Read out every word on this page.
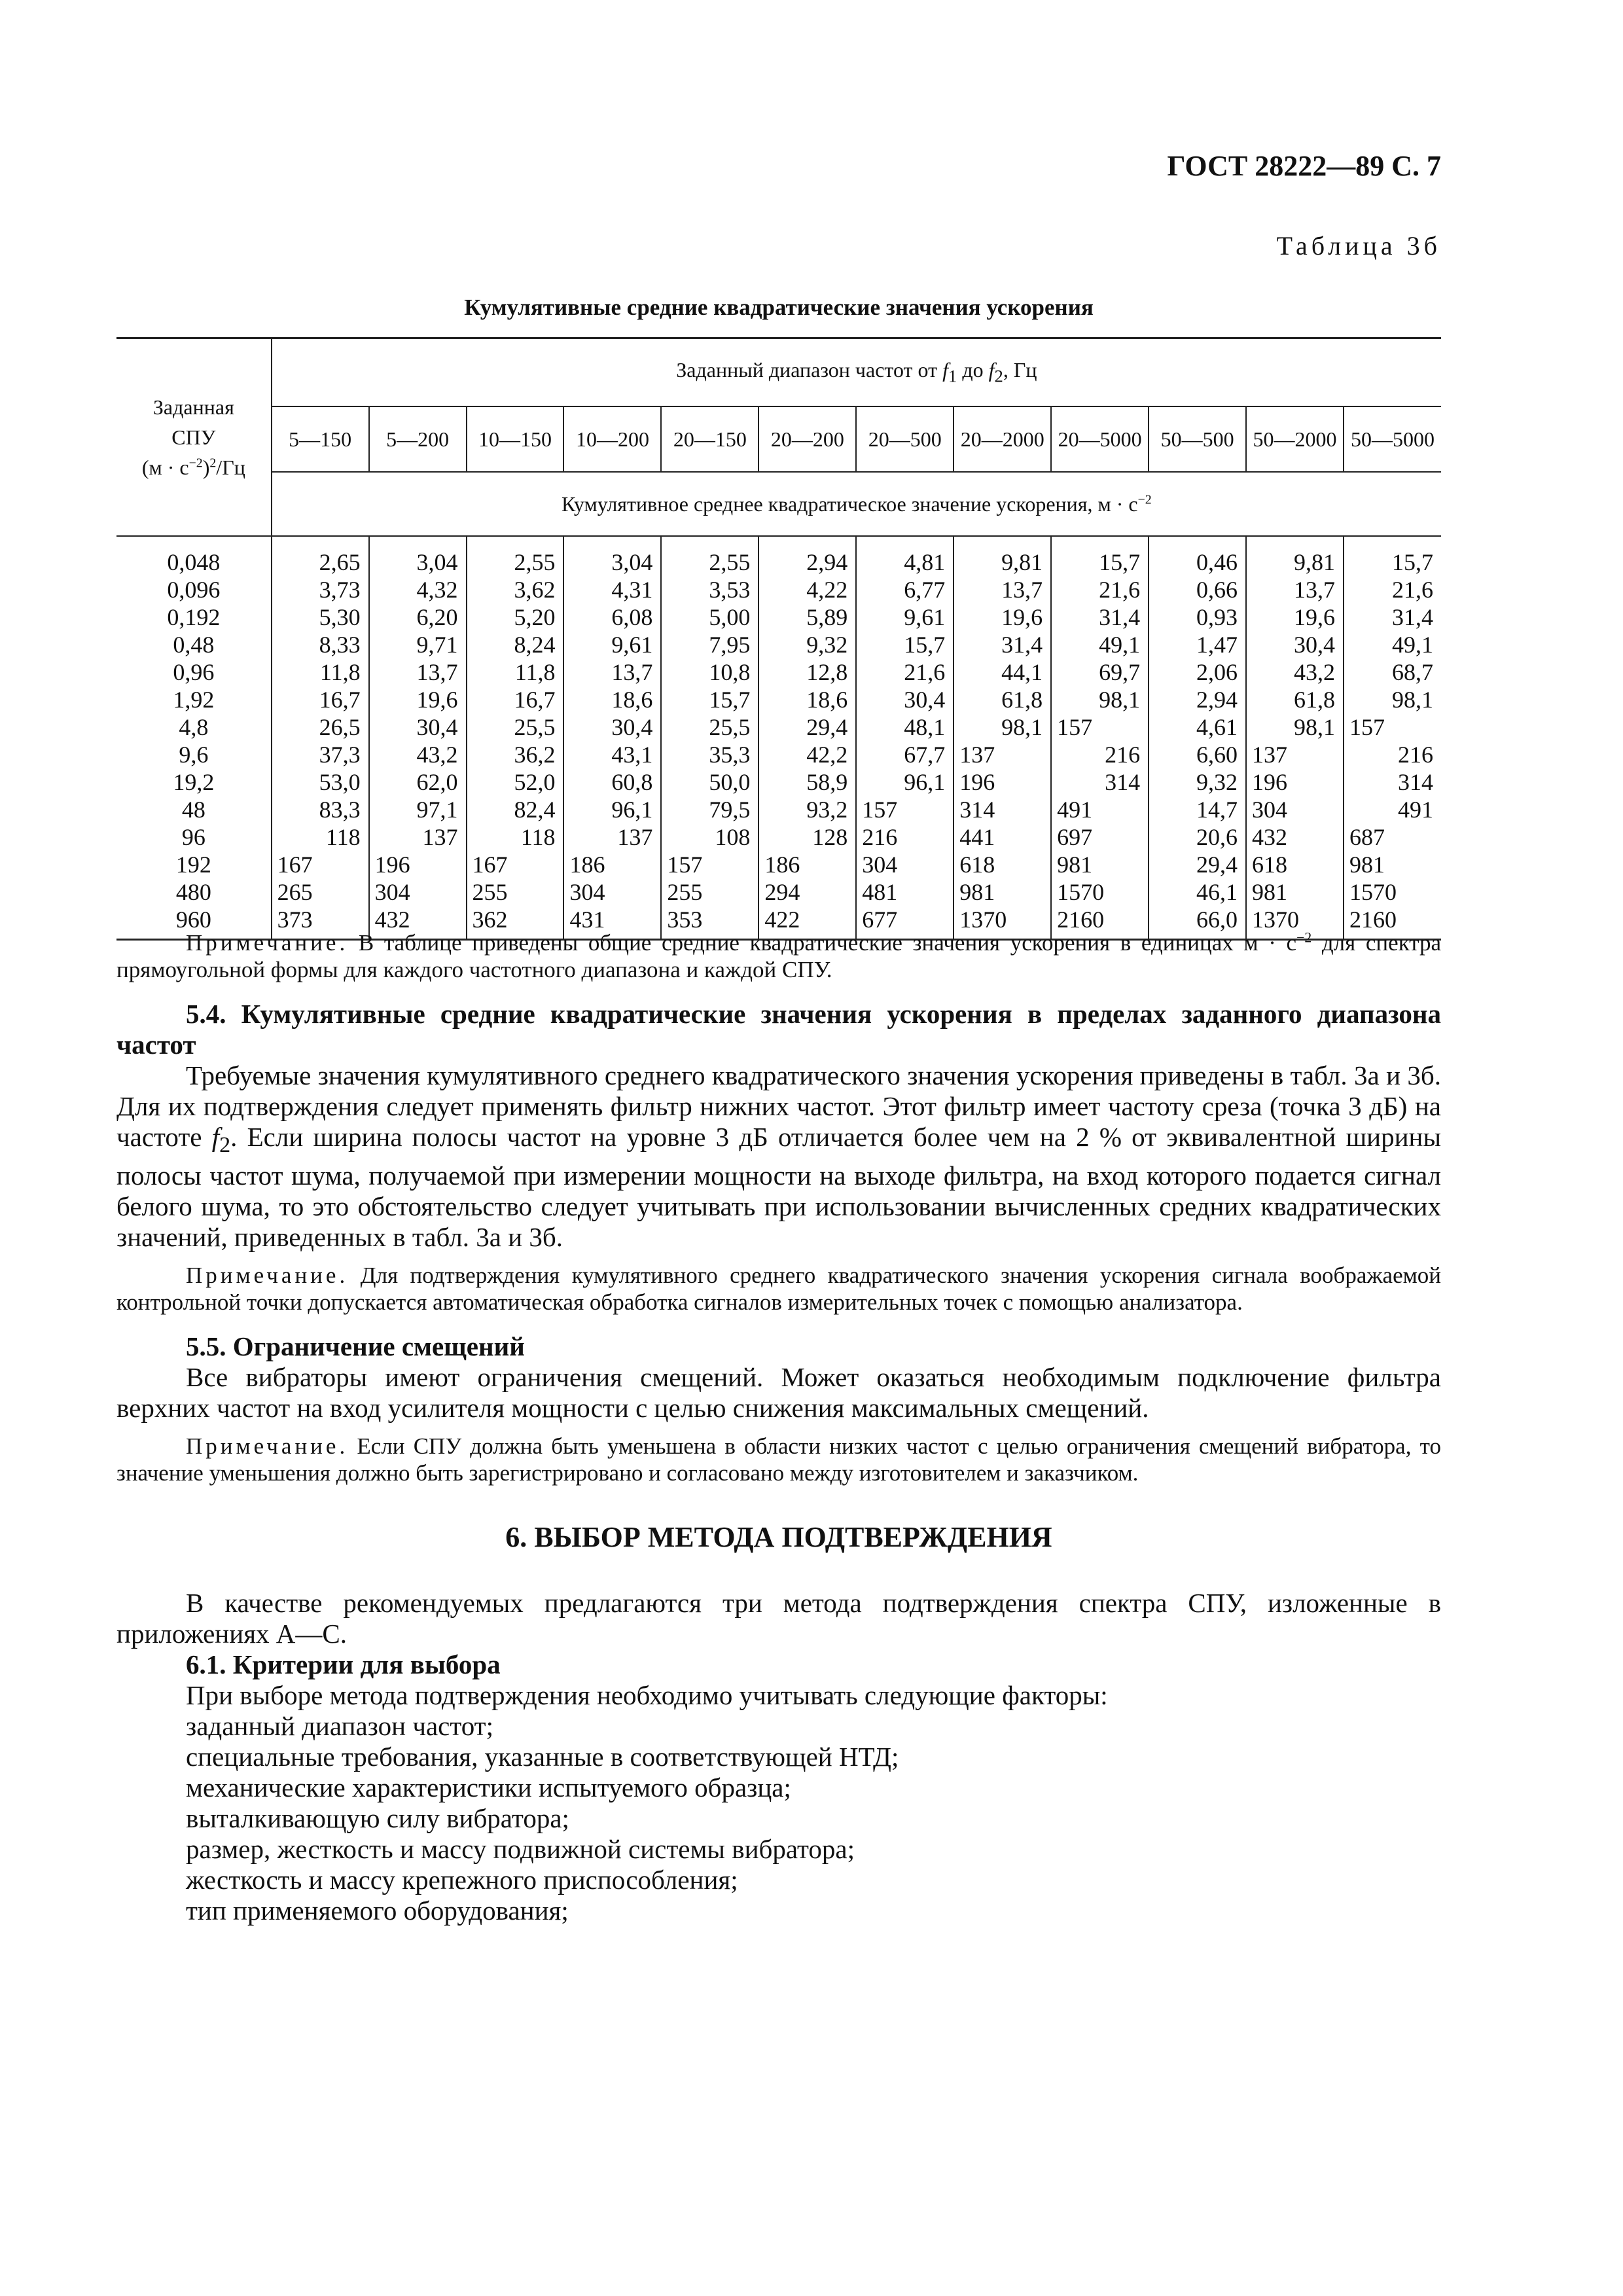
ГОСТ 28222—89 С. 7
Таблица 3б
Кумулятивные средние квадратические значения ускорения
Заданная
СПУ
$(м \cdot с^{-2})^2/Гц$	Заданный диапазон частот от $f_1$ до $f_2$, Гц											
	5—150	5—200	10—150	10—200	20—150	20—200	20—500	20—2000	20—5000	50—500	50—2000	50—5000
	Кумулятивное среднее квадратическое значение ускорения, $м \cdot с^{-2}$
0,048	2,65	3,04	2,55	3,04	2,55	2,94	4,81	9,81	15,7	0,46	9,81	15,7
0,096	3,73	4,32	3,62	4,31	3,53	4,22	6,77	13,7	21,6	0,66	13,7	21,6
0,192	5,30	6,20	5,20	6,08	5,00	5,89	9,61	19,6	31,4	0,93	19,6	31,4
0,48	8,33	9,71	8,24	9,61	7,95	9,32	15,7	31,4	49,1	1,47	30,4	49,1
0,96	11,8	13,7	11,8	13,7	10,8	12,8	21,6	44,1	69,7	2,06	43,2	68,7
1,92	16,7	19,6	16,7	18,6	15,7	18,6	30,4	61,8	98,1	2,94	61,8	98,1
4,8	26,5	30,4	25,5	30,4	25,5	29,4	48,1	98,1	157	4,61	98,1	157
9,6	37,3	43,2	36,2	43,1	35,3	42,2	67,7	137	216	6,60	137	216
19,2	53,0	62,0	52,0	60,8	50,0	58,9	96,1	196	314	9,32	196	314
48	83,3	97,1	82,4	96,1	79,5	93,2	157	314	491	14,7	304	491
96	118	137	118	137	108	128	216	441	697	20,6	432	687
192	167	196	167	186	157	186	304	618	981	29,4	618	981
480	265	304	255	304	255	294	481	981	1570	46,1	981	1570
960	373	432	362	431	353	422	677	1370	2160	66,0	1370	2160

Примечание. В таблице приведены общие средние квадратические значения ускорения в единицах $м \cdot с^{-2}$ для спектра прямоугольной формы для каждого частотного диапазона и каждой СПУ.

5.4. Кумулятивные средние квадратические значения ускорения в пределах заданного диапазона частот

Требуемые значения кумулятивного среднего квадратического значения ускорения приведены в табл. 3а и 3б. Для их подтверждения следует применять фильтр нижних частот. Этот фильтр имеет частоту среза (точка 3 дБ) на частоте $f_2$. Если ширина полосы частот на уровне 3 дБ отличается более чем на 2 % от эквивалентной ширины полосы частот шума, получаемой при измерении мощности на выходе фильтра, на вход которого подается сигнал белого шума, то это обстоятельство следует учитывать при использовании вычисленных средних квадратических значений, приведенных в табл. 3а и 3б.

Примечание. Для подтверждения кумулятивного среднего квадратического значения ускорения сигнала воображаемой контрольной точки допускается автоматическая обработка сигналов измерительных точек с помощью анализатора.

5.5. Ограничение смещений

Все вибраторы имеют ограничения смещений. Может оказаться необходимым подключение фильтра верхних частот на вход усилителя мощности с целью снижения максимальных смещений.

Примечание. Если СПУ должна быть уменьшена в области низких частот с целью ограничения смещений вибратора, то значение уменьшения должно быть зарегистрировано и согласовано между изготовителем и заказчиком.

6. ВЫБОР МЕТОДА ПОДТВЕРЖДЕНИЯ

В качестве рекомендуемых предлагаются три метода подтверждения спектра СПУ, изложенные в приложениях А—С.

6.1. Критерии для выбора

При выборе метода подтверждения необходимо учитывать следующие факторы:

заданный диапазон частот;

специальные требования, указанные в соответствующей НТД;

механические характеристики испытуемого образца;

выталкивающую силу вибратора;

размер, жесткость и массу подвижной системы вибратора;

жесткость и массу крепежного приспособления;

тип применяемого оборудования;
